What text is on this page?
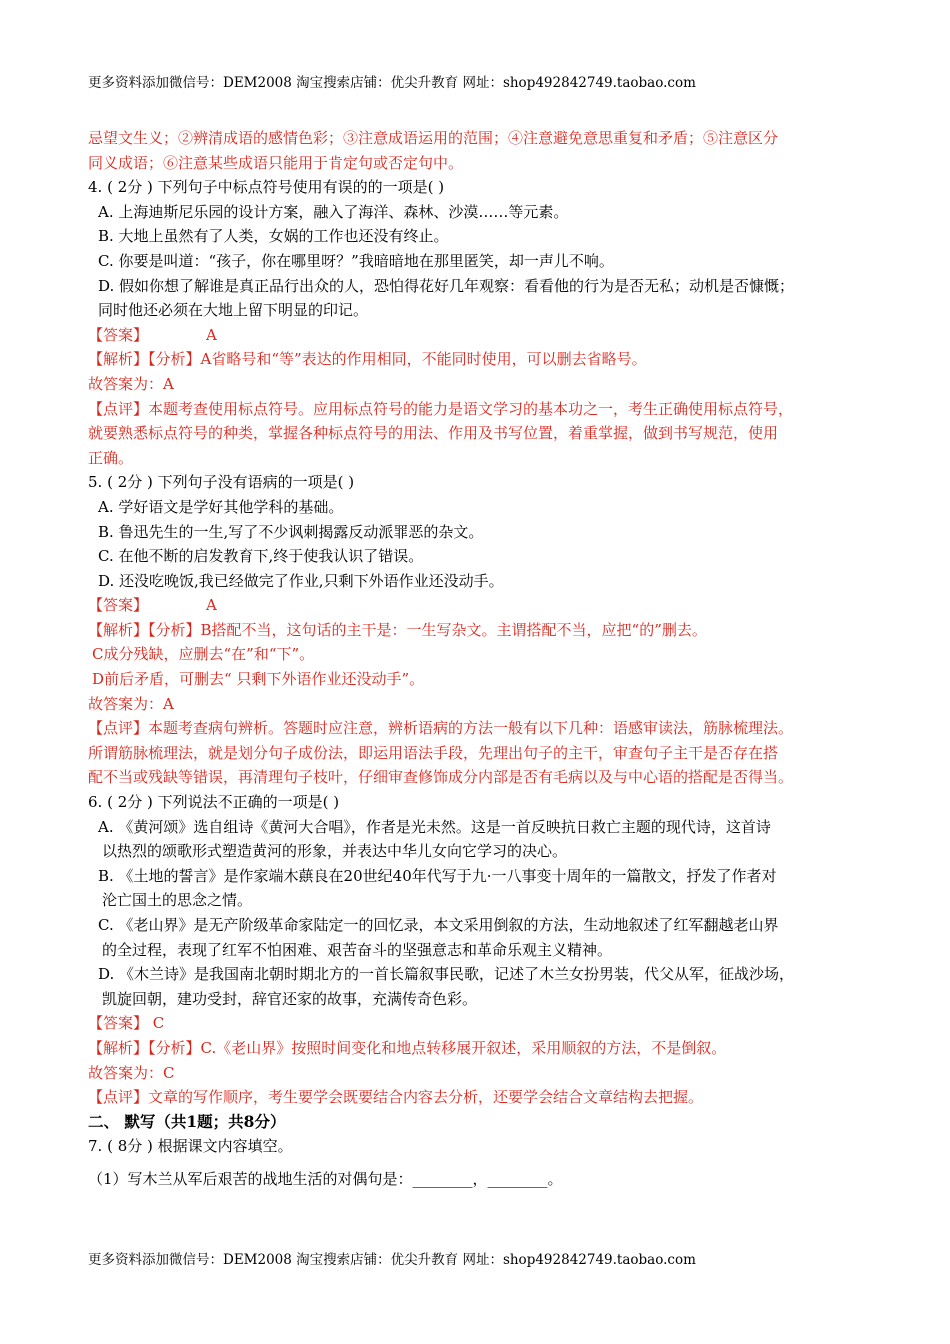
更多资料添加微信号：DEM2008 淘宝搜索店铺：优尖升教育 网址：shop492842749.taobao.com
忌望文生义；②辨清成语的感情色彩；③注意成语运用的范围；④注意避免意思重复和矛盾；⑤注意区分
同义成语；⑥注意某些成语只能用于肯定句或否定句中。
4. ( 2分 ) 下列句子中标点符号使用有误的的一项是( )
A. 上海迪斯尼乐园的设计方案，融入了海洋、森林、沙漠……等元素。
B. 大地上虽然有了人类，女娲的工作也还没有终止。
C. 你要是叫道：“孩子，你在哪里呀？”我暗暗地在那里匿笑，却一声儿不响。
D. 假如你想了解谁是真正品行出众的人，恐怕得花好几年观察：看看他的行为是否无私；动机是否慷慨；
同时他还必须在大地上留下明显的印记。
【答案】	A
【解析】【分析】A省略号和“等”表达的作用相同，不能同时使用，可以删去省略号。
故答案为：A
【点评】本题考查使用标点符号。应用标点符号的能力是语文学习的基本功之一，考生正确使用标点符号，
就要熟悉标点符号的种类，掌握各种标点符号的用法、作用及书写位置，着重掌握，做到书写规范，使用
正确。
5. ( 2分 ) 下列句子没有语病的一项是( )
A. 学好语文是学好其他学科的基础。
B. 鲁迅先生的一生,写了不少讽刺揭露反动派罪恶的杂文。
C. 在他不断的启发教育下,终于使我认识了错误。
D. 还没吃晚饭,我已经做完了作业,只剩下外语作业还没动手。
【答案】	A
【解析】【分析】B搭配不当，这句话的主干是：一生写杂文。主谓搭配不当，应把“的”删去。
C成分残缺，应删去“在”和“下”。
D前后矛盾，可删去“ 只剩下外语作业还没动手”。
故答案为：A
【点评】本题考查病句辨析。答题时应注意，辨析语病的方法一般有以下几种：语感审读法，筋脉梳理法。
所谓筋脉梳理法，就是划分句子成份法，即运用语法手段，先理出句子的主干，审查句子主干是否存在搭
配不当或残缺等错误，再清理句子枝叶，仔细审查修饰成分内部是否有毛病以及与中心语的搭配是否得当。
6. ( 2分 ) 下列说法不正确的一项是( )
A. 《黄河颂》选自组诗《黄河大合唱》，作者是光未然。这是一首反映抗日救亡主题的现代诗，这首诗
以热烈的颂歌形式塑造黄河的形象，并表达中华儿女向它学习的决心。
B. 《土地的誓言》是作家端木蕻良在20世纪40年代写于九·一八事变十周年的一篇散文，抒发了作者对
沦亡国土的思念之情。
C. 《老山界》是无产阶级革命家陆定一的回忆录，本文采用倒叙的方法，生动地叙述了红军翻越老山界
的全过程，表现了红军不怕困难、艰苦奋斗的坚强意志和革命乐观主义精神。
D. 《木兰诗》是我国南北朝时期北方的一首长篇叙事民歌，记述了木兰女扮男装，代父从军，征战沙场，
凯旋回朝，建功受封，辞官还家的故事，充满传奇色彩。
【答案】 C
【解析】【分析】C.《老山界》按照时间变化和地点转移展开叙述，采用顺叙的方法，不是倒叙。
故答案为：C
【点评】文章的写作顺序，考生要学会既要结合内容去分析，还要学会结合文章结构去把握。
二、 默写（共1题；共8分）
7. ( 8分 ) 根据课文内容填空。
（1）写木兰从军后艰苦的战地生活的对偶句是：________，________。
更多资料添加微信号：DEM2008 淘宝搜索店铺：优尖升教育 网址：shop492842749.taobao.com
